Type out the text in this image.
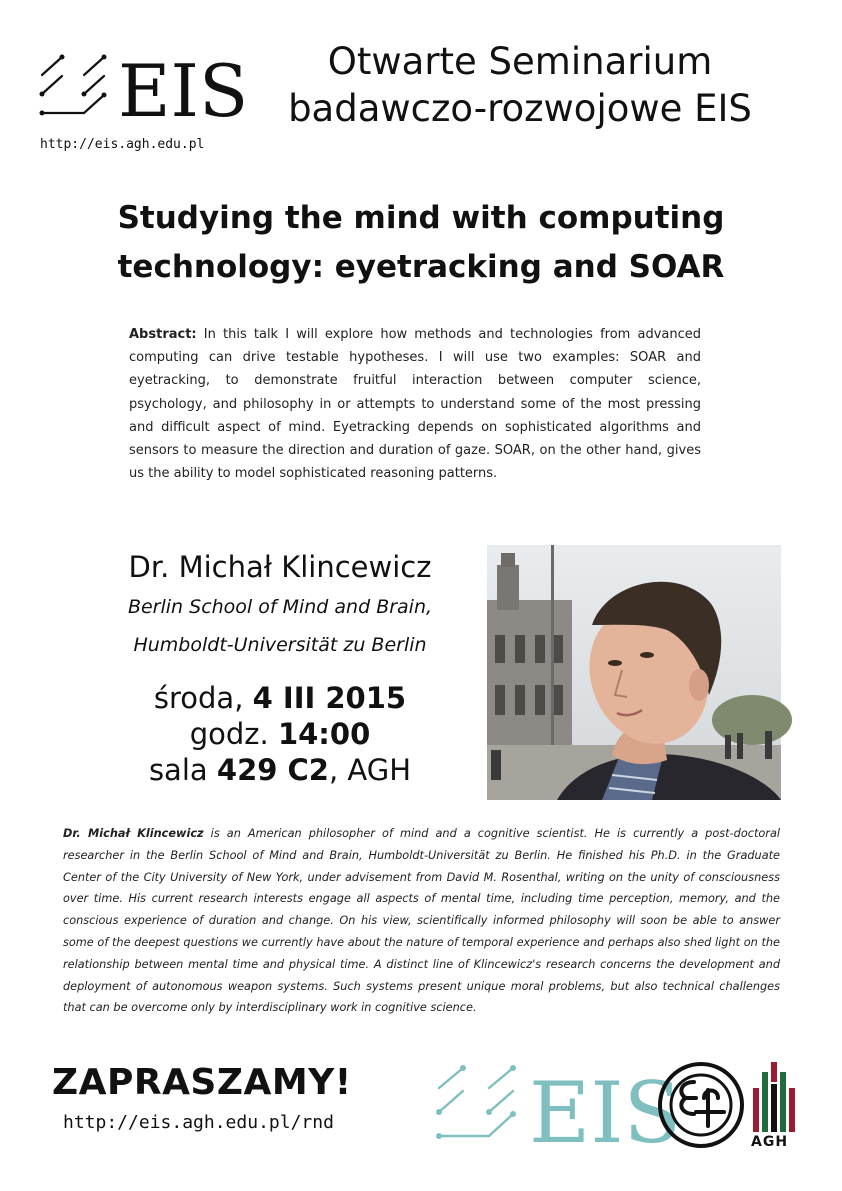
EIS
http://eis.agh.edu.pl
Otwarte Seminarium
badawczo-rozwojowe EIS
Studying the mind with computing
technology: eyetracking and SOAR
Abstract: In this talk I will explore how methods and technologies from advanced computing can drive testable hypotheses. I will use two examples: SOAR and eyetracking, to demonstrate fruitful interaction between computer science, psychology, and philosophy in or attempts to understand some of the most pressing and difficult aspect of mind. Eyetracking depends on sophisticated algorithms and sensors to measure the direction and duration of gaze. SOAR, on the other hand, gives us the ability to model sophisticated reasoning patterns.
Dr. Michał Klincewicz
Berlin School of Mind and Brain,
Humboldt-Universität zu Berlin
środa, 4 III 2015
godz. 14:00
sala 429 C2, AGH
Dr. Michał Klincewicz is an American philosopher of mind and a cognitive scientist. He is currently a post-doctoral researcher in the Berlin School of Mind and Brain, Humboldt-Universität zu Berlin. He finished his Ph.D. in the Graduate Center of the City University of New York, under advisement from David M. Rosenthal, writing on the unity of consciousness over time. His current research interests engage all aspects of mental time, including time perception, memory, and the conscious experience of duration and change. On his view, scientifically informed philosophy will soon be able to answer some of the deepest questions we currently have about the nature of temporal experience and perhaps also shed light on the relationship between mental time and physical time. A distinct line of Klincewicz's research concerns the development and deployment of autonomous weapon systems. Such systems present unique moral problems, but also technical challenges that can be overcome only by interdisciplinary work in cognitive science.
ZAPRASZAMY!
http://eis.agh.edu.pl/rnd EIS	AGH
